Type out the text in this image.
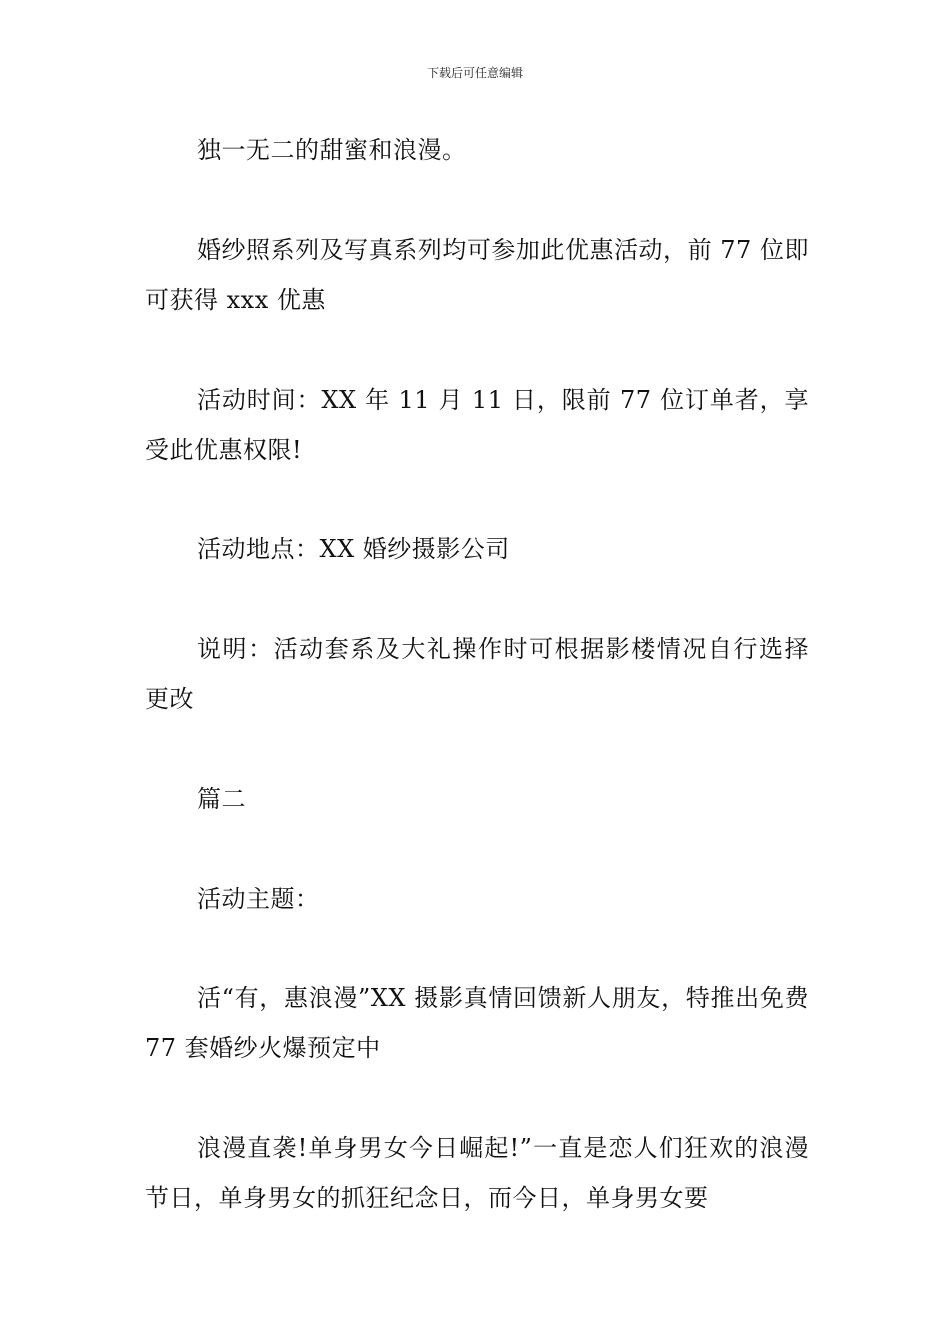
下载后可任意编辑

独一无二的甜蜜和浪漫。

婚纱照系列及写真系列均可参加此优惠活动，前 77 位即可获得 xxx 优惠

活动时间：XX 年 11 月 11 日，限前 77 位订单者，享受此优惠权限!

活动地点：XX 婚纱摄影公司

说明：活动套系及大礼操作时可根据影楼情况自行选择更改

篇二

活动主题：

活“有，惠浪漫”XX 摄影真情回馈新人朋友，特推出免费 77 套婚纱火爆预定中

浪漫直袭!单身男女今日崛起!”一直是恋人们狂欢的浪漫节日，单身男女的抓狂纪念日，而今日，单身男女要
